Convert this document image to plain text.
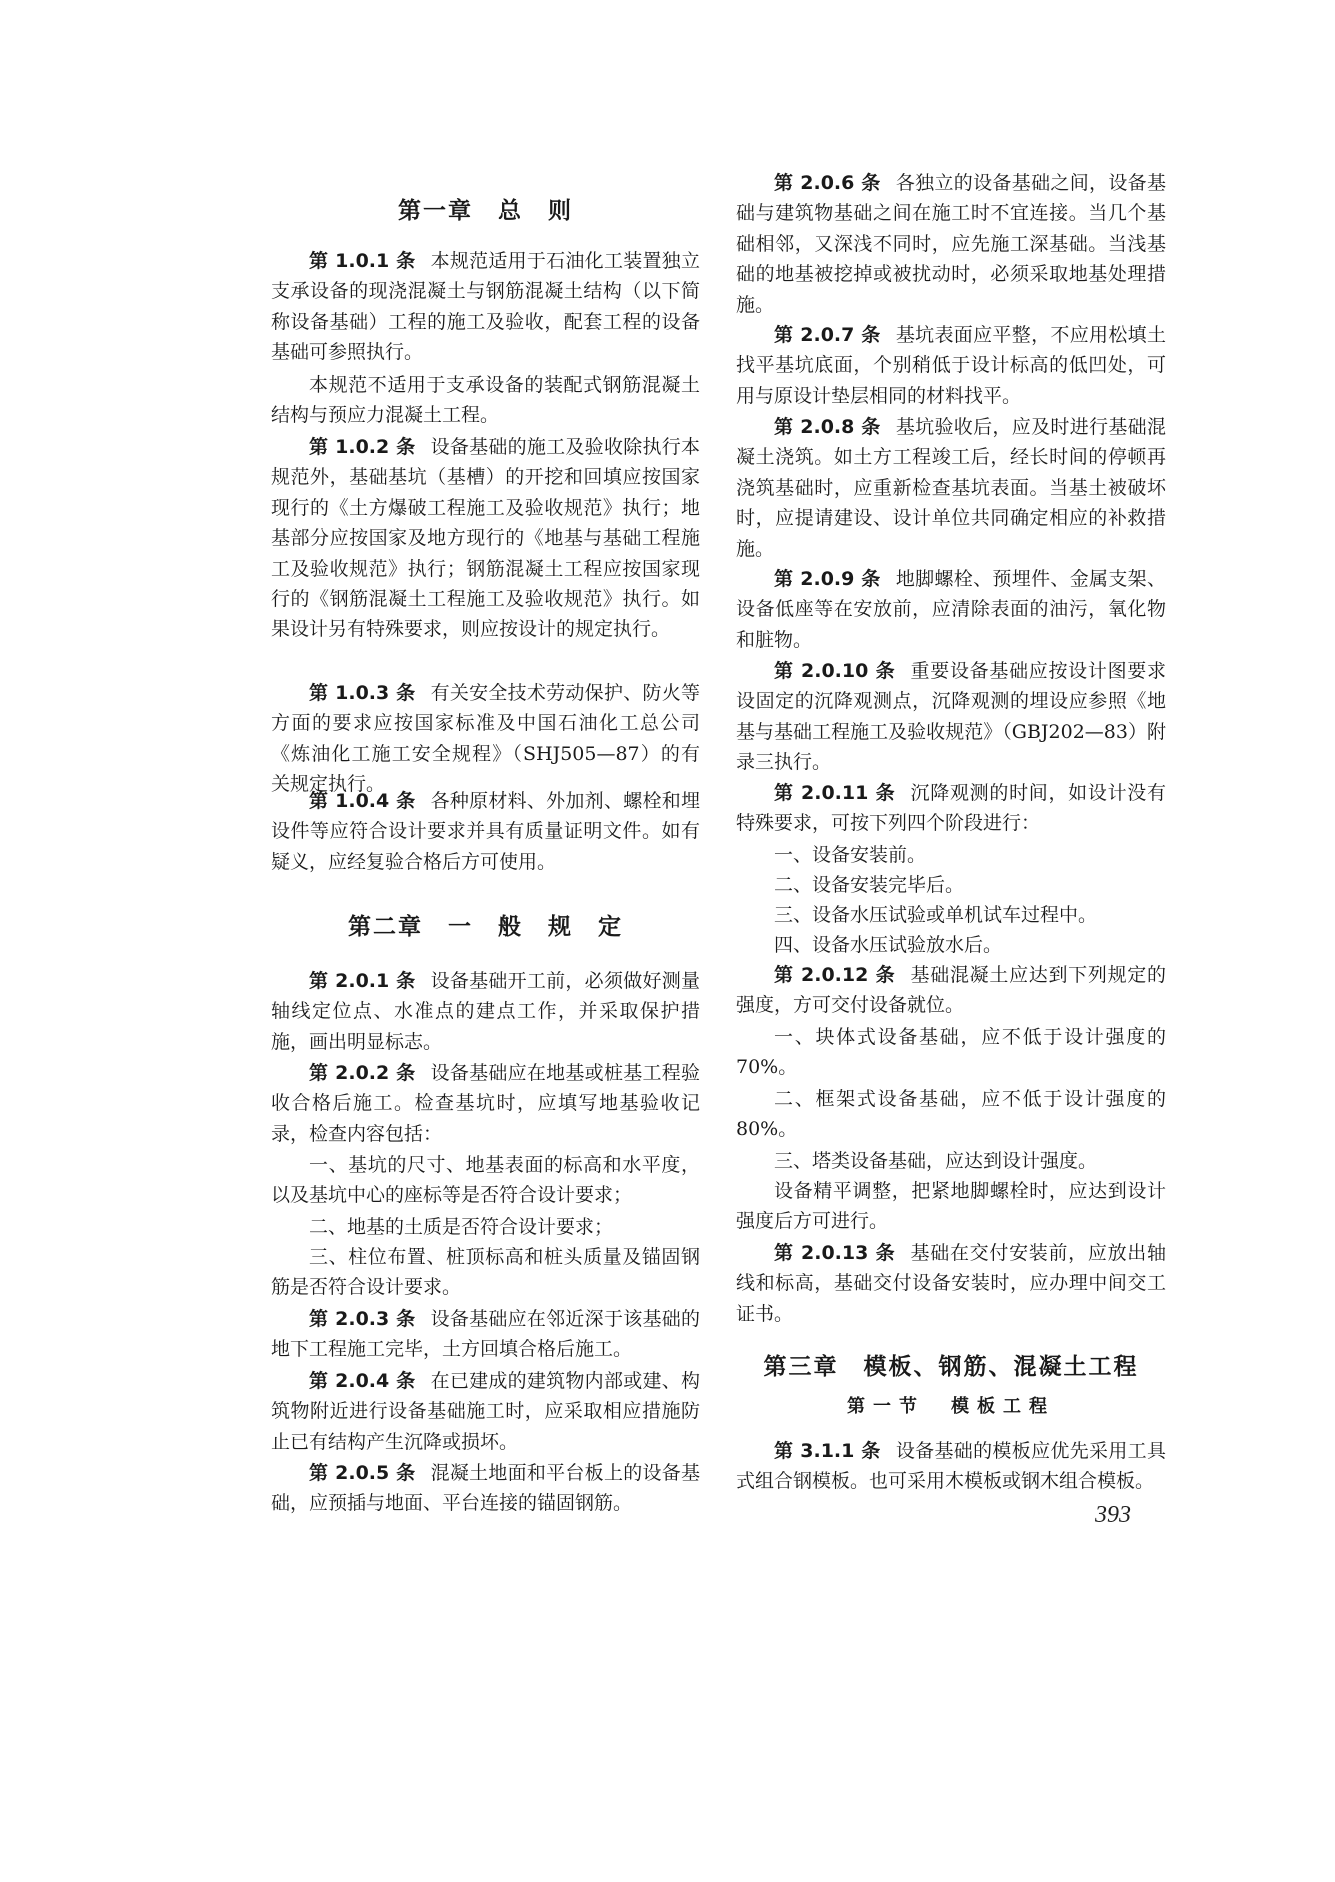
第一章　总　则

第 1.0.1 条 本规范适用于石油化工装置独立支承设备的现浇混凝土与钢筋混凝土结构（以下简称设备基础）工程的施工及验收，配套工程的设备基础可参照执行。

本规范不适用于支承设备的装配式钢筋混凝土结构与预应力混凝土工程。

第 1.0.2 条 设备基础的施工及验收除执行本规范外，基础基坑（基槽）的开挖和回填应按国家现行的《土方爆破工程施工及验收规范》执行；地基部分应按国家及地方现行的《地基与基础工程施工及验收规范》执行；钢筋混凝土工程应按国家现行的《钢筋混凝土工程施工及验收规范》执行。如果设计另有特殊要求，则应按设计的规定执行。

第 1.0.3 条 有关安全技术劳动保护、防火等方面的要求应按国家标准及中国石油化工总公司《炼油化工施工安全规程》（SHJ505—87）的有关规定执行。

第 1.0.4 条 各种原材料、外加剂、螺栓和埋设件等应符合设计要求并具有质量证明文件。如有疑义，应经复验合格后方可使用。

第二章　一　般　规　定

第 2.0.1 条 设备基础开工前，必须做好测量轴线定位点、水准点的建点工作，并采取保护措施，画出明显标志。

第 2.0.2 条 设备基础应在地基或桩基工程验收合格后施工。检查基坑时，应填写地基验收记录，检查内容包括：

一、基坑的尺寸、地基表面的标高和水平度，以及基坑中心的座标等是否符合设计要求；

二、地基的土质是否符合设计要求；

三、柱位布置、桩顶标高和桩头质量及锚固钢筋是否符合设计要求。

第 2.0.3 条 设备基础应在邻近深于该基础的地下工程施工完毕，土方回填合格后施工。

第 2.0.4 条 在已建成的建筑物内部或建、构筑物附近进行设备基础施工时，应采取相应措施防止已有结构产生沉降或损坏。

第 2.0.5 条 混凝土地面和平台板上的设备基础，应预插与地面、平台连接的锚固钢筋。

第 2.0.6 条 各独立的设备基础之间，设备基础与建筑物基础之间在施工时不宜连接。当几个基础相邻，又深浅不同时，应先施工深基础。当浅基础的地基被挖掉或被扰动时，必须采取地基处理措施。

第 2.0.7 条 基坑表面应平整，不应用松填土找平基坑底面，个别稍低于设计标高的低凹处，可用与原设计垫层相同的材料找平。

第 2.0.8 条 基坑验收后，应及时进行基础混凝土浇筑。如土方工程竣工后，经长时间的停顿再浇筑基础时，应重新检查基坑表面。当基土被破坏时，应提请建设、设计单位共同确定相应的补救措施。

第 2.0.9 条 地脚螺栓、预埋件、金属支架、设备低座等在安放前，应清除表面的油污，氧化物和脏物。

第 2.0.10 条 重要设备基础应按设计图要求设固定的沉降观测点，沉降观测的埋设应参照《地基与基础工程施工及验收规范》（GBJ202—83）附录三执行。

第 2.0.11 条 沉降观测的时间，如设计没有特殊要求，可按下列四个阶段进行：

一、设备安装前。

二、设备安装完毕后。

三、设备水压试验或单机试车过程中。

四、设备水压试验放水后。

第 2.0.12 条 基础混凝土应达到下列规定的强度，方可交付设备就位。

一、块体式设备基础，应不低于设计强度的70%。

二、框架式设备基础，应不低于设计强度的80%。

三、塔类设备基础，应达到设计强度。

设备精平调整，把紧地脚螺栓时，应达到设计强度后方可进行。

第 2.0.13 条 基础在交付安装前，应放出轴线和标高，基础交付设备安装时，应办理中间交工证书。

第三章　模板、钢筋、混凝土工程
第一节　模板工程

第 3.1.1 条 设备基础的模板应优先采用工具式组合钢模板。也可采用木模板或钢木组合模板。

393
